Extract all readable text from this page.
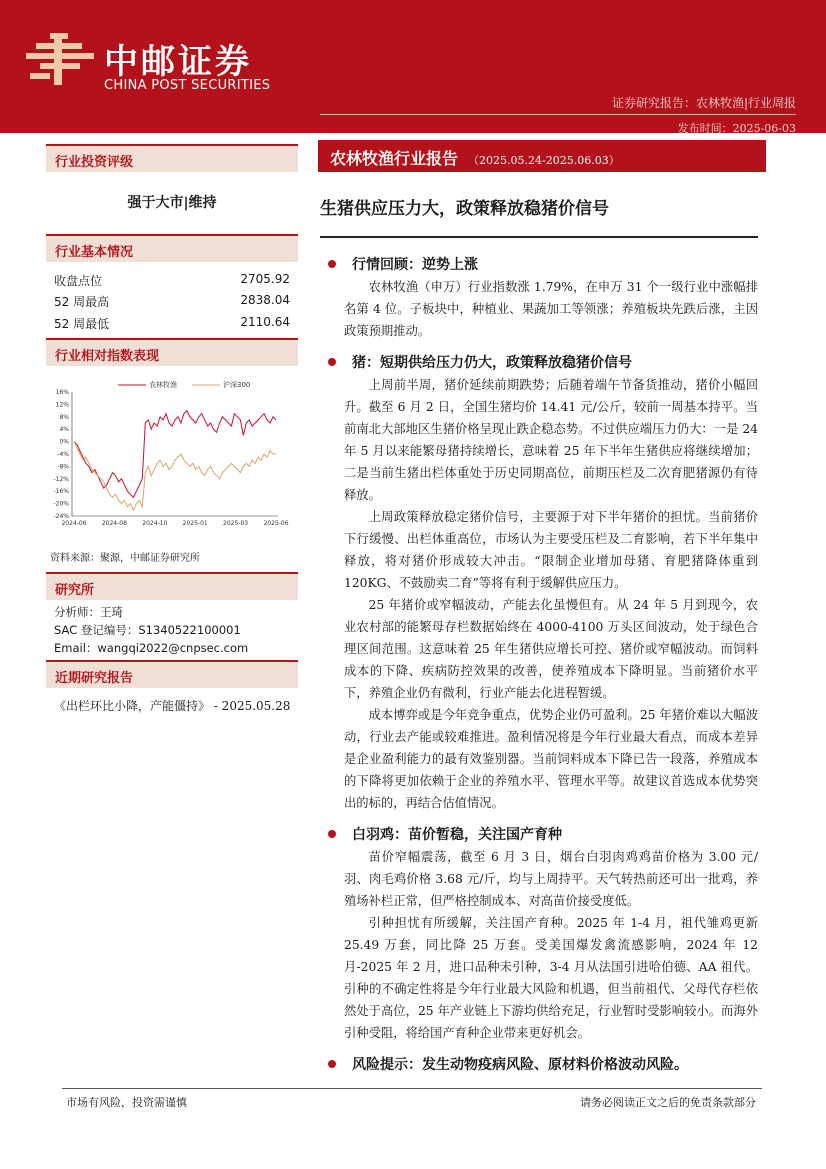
中邮证券
CHINA POST SECURITIES
证券研究报告：农林牧渔|行业周报
发布时间：2025-06-03
行业投资评级
强于大市|维持
行业基本情况
收盘点位	2705.92
52 周最高	2838.04
52 周最低	2110.64
行业相对指数表现
16%
12%
8%
4%
0%
-4%
-8%
-12%
-16%
-20%
-24%
2024-06	2024-08	2024-10	2025-01	2025-03	2025-06
农林牧渔	沪深300
资料来源：聚源，中邮证券研究所
研究所
分析师：王琦
SAC 登记编号：S1340522100001
Email：wangqi2022@cnpsec.com
近期研究报告
《出栏环比小降，产能僵持》 - 2025.05.28
农林牧渔行业报告 （2025.05.24-2025.06.03）
生猪供应压力大，政策释放稳猪价信号
行情回顾：逆势上涨
农林牧渔（申万）行业指数涨 1.79%，在申万 31 个一级行业中涨幅排名第 4 位。子板块中，种植业、果蔬加工等领涨；养殖板块先跌后涨，主因政策预期推动。
猪：短期供给压力仍大，政策释放稳猪价信号
上周前半周，猪价延续前期跌势；后随着端午节备货推动，猪价小幅回升。截至 6 月 2 日，全国生猪均价 14.41 元/公斤，较前一周基本持平。当前南北大部地区生猪价格呈现止跌企稳态势。不过供应端压力仍大：一是 24 年 5 月以来能繁母猪持续增长，意味着 25 年下半年生猪供应将继续增加；二是当前生猪出栏体重处于历史同期高位，前期压栏及二次育肥猪源仍有待释放。
上周政策释放稳定猪价信号，主要源于对下半年猪价的担忧。当前猪价下行缓慢、出栏体重高位，市场认为主要受压栏及二育影响，若下半年集中释放，将对猪价形成较大冲击。“限制企业增加母猪、育肥猪降体重到 120KG、不鼓励卖二育”等将有利于缓解供应压力。
25 年猪价或窄幅波动，产能去化虽慢但有。从 24 年 5 月到现今，农业农村部的能繁母存栏数据始终在 4000-4100 万头区间波动，处于绿色合理区间范围。这意味着 25 年生猪供应增长可控、猪价或窄幅波动。而饲料成本的下降、疾病防控效果的改善，使养殖成本下降明显。当前猪价水平下，养殖企业仍有微利，行业产能去化进程暂缓。
成本博弈或是今年竞争重点，优势企业仍可盈利。25 年猪价难以大幅波动，行业去产能或较难推进。盈利情况将是今年行业最大看点，而成本差异是企业盈利能力的最有效鉴别器。当前饲料成本下降已告一段落，养殖成本的下降将更加依赖于企业的养殖水平、管理水平等。故建议首选成本优势突出的标的，再结合估值情况。
白羽鸡：苗价暂稳，关注国产育种
苗价窄幅震荡，截至 6 月 3 日，烟台白羽肉鸡鸡苗价格为 3.00 元/羽、肉毛鸡价格 3.68 元/斤，均与上周持平。天气转热前还可出一批鸡，养殖场补栏正常，但严格控制成本、对高苗价接受度低。
引种担忧有所缓解，关注国产育种。2025 年 1-4 月，祖代雏鸡更新 25.49 万套，同比降 25 万套。受美国爆发禽流感影响，2024 年 12 月-2025 年 2 月，进口品种未引种，3-4 月从法国引进哈伯德、AA 祖代。引种的不确定性将是今年行业最大风险和机遇，但当前祖代、父母代存栏依然处于高位，25 年产业链上下游均供给充足，行业暂时受影响较小。而海外引种受阻，将给国产育种企业带来更好机会。
风险提示：发生动物疫病风险、原材料价格波动风险。
市场有风险，投资需谨慎	请务必阅读正文之后的免责条款部分
